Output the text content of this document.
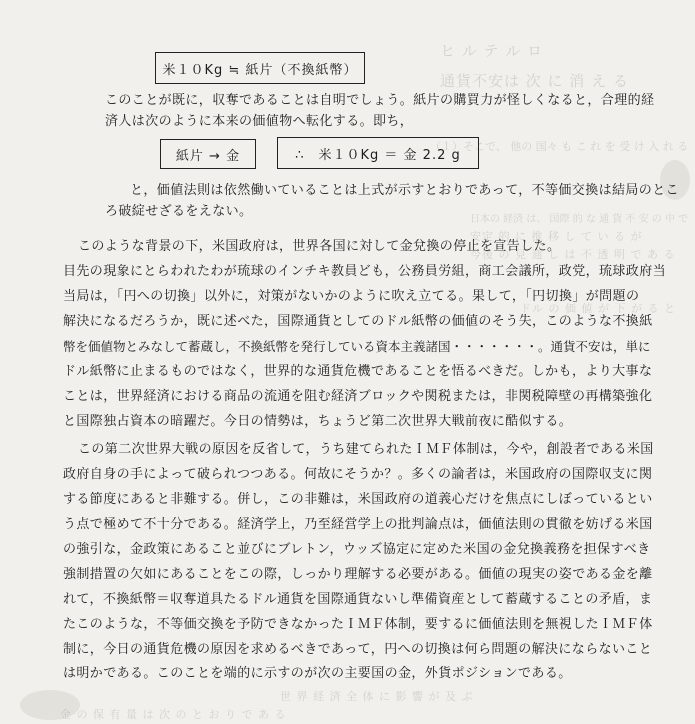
ヒ ル テ ル ロ
通貨不安は 次 に 消 え る
（１）そこで、 他の 国々 も こ れ を 受 け 入 れ る
日本の 経済 は、 国際 的 な 通 貨 不 安 の 中 で
安定 的 に 推 移 し て い る が
今後 の 見 通 し は 不 透 明 で あ る
ドル の 価 値 が 下 が る と
世 界 経 済 全 体 に 影 響 が 及 ぶ
金 の 保 有 量 は 次 の と お り で あ る
米１０Kg ≒ 紙片（不換紙幣）
このことが既に，収奪であることは自明でしょう。紙片の購買力が怪しくなると，合理的経
済人は次のように本来の価値物へ転化する。即ち，
紙片 → 金	∴　米１０Kg ＝ 金 2.2 g
と，価値法則は依然働いていることは上式が示すとおりであって，不等価交換は結局のとこ
ろ破綻せざるをえない。
このような背景の下，米国政府は，世界各国に対して金兌換の停止を宣告した。
目先の現象にとらわれたわが琉球のインチキ教員ども，公務員労組，商工会議所，政党，琉球政府当
当局は，「円への切換」以外に，対策がないかのように吹え立てる。果して，「円切換」が問題の
解決になるだろうか，既に述べた，国際通貨としてのドル紙幣の価値のそう失，このような不換紙
幣を価値物とみなして蓄蔵し，不換紙幣を発行している資本主義諸国・・・・・・・。通貨不安は，単に
ドル紙幣に止まるものではなく，世界的な通貨危機であることを悟るべきだ。しかも，より大事な
ことは，世界経済における商品の流通を阻む経済ブロックや関税または，非関税障壁の再構築強化
と国際独占資本の暗躍だ。今日の情勢は，ちょうど第二次世界大戦前夜に酷似する。
この第二次世界大戦の原因を反省して，うち建てられたＩＭＦ体制は，今や，創設者である米国
政府自身の手によって破られつつある。何故にそうか？。多くの論者は，米国政府の国際収支に関
する節度にあると非難する。併し，この非難は，米国政府の道義心だけを焦点にしぼっているとい
う点で極めて不十分である。経済学上，乃至経営学上の批判論点は，価値法則の貫徹を妨げる米国
の強引な，金政策にあること並びにブレトン，ウッズ協定に定めた米国の金兌換義務を担保すべき
強制措置の欠如にあることをこの際，しっかり理解する必要がある。価値の現実の姿である金を離
れて，不換紙幣＝収奪道具たるドル通貨を国際通貨ないし準備資産として蓄蔵することの矛盾，ま
たこのような，不等価交換を予防できなかったＩＭＦ体制，要するに価値法則を無視したＩＭＦ体
制に，今日の通貨危機の原因を求めるべきであって，円への切換は何ら問題の解決にならないこと
は明かである。このことを端的に示すのが次の主要国の金，外貨ポジションである。
